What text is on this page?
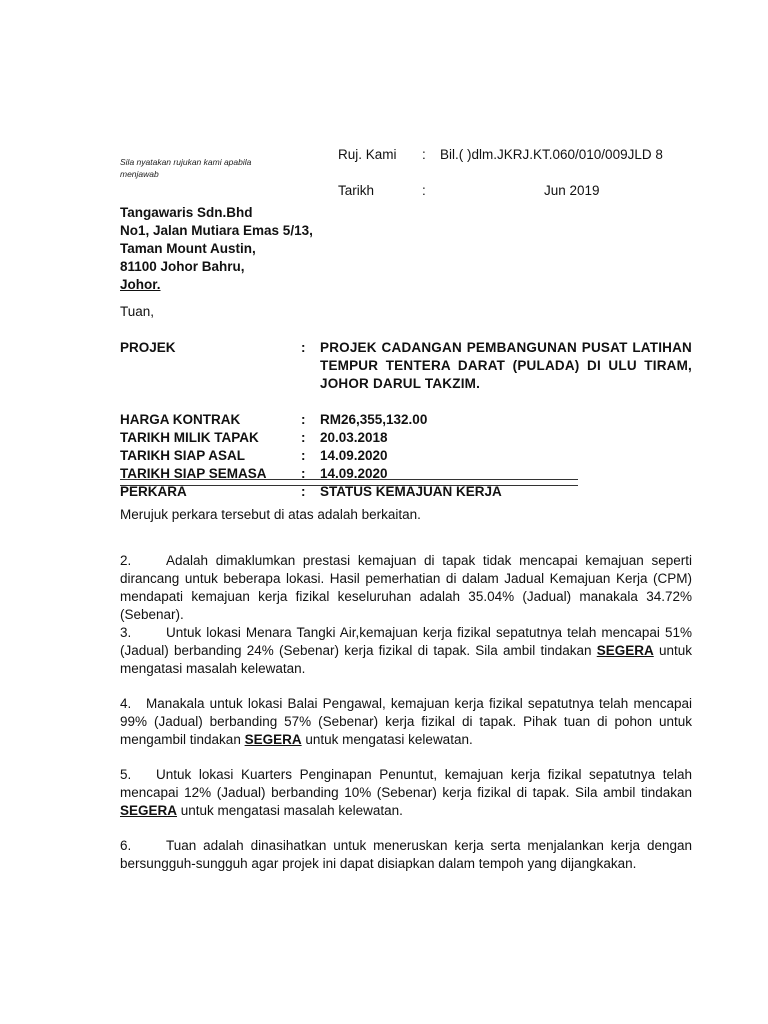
Sila nyatakan rujukan kami apabila menjawab
Ruj. Kami : Bil.( )dlm.JKRJ.KT.060/010/009JLD 8
Tarikh	:	Jun 2019
Tangawaris Sdn.Bhd
No1, Jalan Mutiara Emas 5/13,
Taman Mount Austin,
81100 Johor Bahru,
Johor.
Tuan,
PROJEK	: PROJEK CADANGAN PEMBANGUNAN PUSAT LATIHAN TEMPUR TENTERA DARAT (PULADA) DI ULU TIRAM, JOHOR DARUL TAKZIM.
HARGA KONTRAK	: RM26,355,132.00
TARIKH MILIK TAPAK	: 20.03.2018
TARIKH SIAP ASAL	: 14.09.2020
TARIKH SIAP SEMASA	: 14.09.2020
PERKARA	: STATUS KEMAJUAN KERJA
Merujuk perkara tersebut di atas adalah berkaitan.
2.	Adalah dimaklumkan prestasi kemajuan di tapak tidak mencapai kemajuan seperti dirancang untuk beberapa lokasi. Hasil pemerhatian di dalam Jadual Kemajuan Kerja (CPM) mendapati kemajuan kerja fizikal keseluruhan adalah 35.04% (Jadual) manakala 34.72% (Sebenar).
3.	Untuk lokasi Menara Tangki Air,kemajuan kerja fizikal sepatutnya telah mencapai 51%(Jadual) berbanding 24% (Sebenar) kerja fizikal di tapak. Sila ambil tindakan SEGERA untuk mengatasi masalah kelewatan.
4. Manakala untuk lokasi Balai Pengawal, kemajuan kerja fizikal sepatutnya telah mencapai 99% (Jadual) berbanding 57% (Sebenar) kerja fizikal di tapak. Pihak tuan di pohon untuk mengambil tindakan SEGERA untuk mengatasi kelewatan.
5. Untuk lokasi Kuarters Penginapan Penuntut, kemajuan kerja fizikal sepatutnya telah mencapai 12% (Jadual) berbanding 10% (Sebenar) kerja fizikal di tapak. Sila ambil tindakan SEGERA untuk mengatasi masalah kelewatan.
6.	Tuan adalah dinasihatkan untuk meneruskan kerja serta menjalankan kerja dengan bersungguh-sungguh agar projek ini dapat disiapkan dalam tempoh yang dijangkakan.
